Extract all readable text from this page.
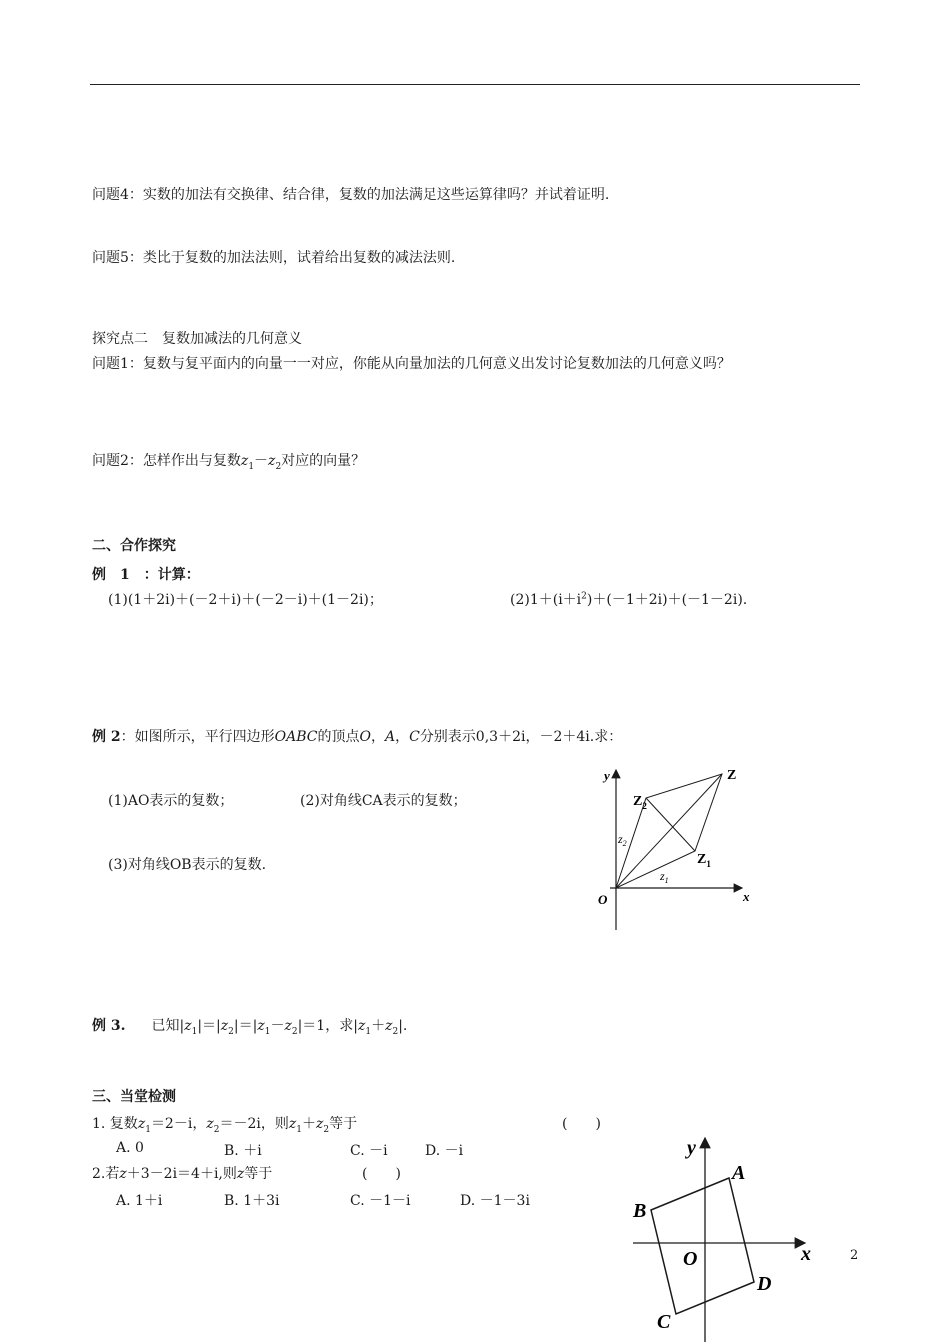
问题4：实数的加法有交换律、结合律，复数的加法满足这些运算律吗？并试着证明.
问题5：类比于复数的加法法则，试着给出复数的减法法则.
探究点二　复数加减法的几何意义
问题1：复数与复平面内的向量一一对应，你能从向量加法的几何意义出发讨论复数加法的几何意义吗？
问题2：怎样作出与复数$z_1-z_2$对应的向量？
二、合作探究
例　1　：计算：
(1)(1＋2i)＋(－2＋i)＋(－2－i)＋(1－2i)；	$(2)1+(i+i^2)+(-1+2i)+(-1-2i)$.
例 2：如图所示，平行四边形OABC的顶点O，A，C分别表示0,3＋2i，－2＋4i.求：
(1)AO表示的复数；	(2)对角线CA表示的复数；
(3)对角线OB表示的复数.
y
x
O
Z
$Z_2$
$Z_1$
$z_2$
$z_1$
例 3. 已知$|z_1|=|z_2|=|z_1-z_2|=1$，求$|z_1+z_2|$.
三、当堂检测
1. 复数$z_1=2-i$，$z_2=-2i$，则$z_1+z_2$等于	(　　)
A. 0	B. ＋i	C. －i	D. －i
2.若z＋3－2i＝4＋i,则z等于	(　　)
A. 1＋i	B. 1＋3i	C. －1－i	D. －1－3i
y
x
O
A
B
C
D
2
